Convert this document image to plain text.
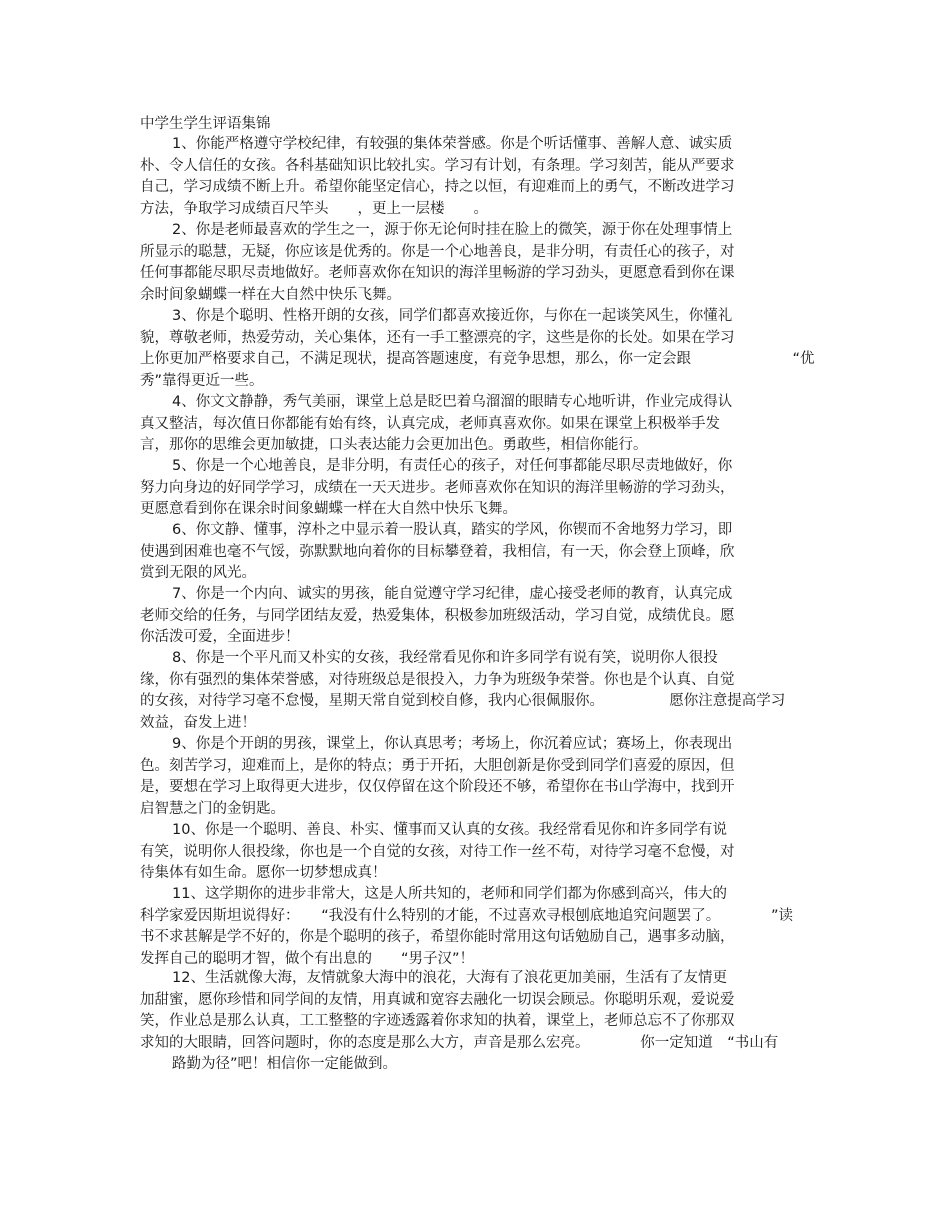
中学生学生评语集锦
1、你能严格遵守学校纪律，有较强的集体荣誉感。你是个听话懂事、善解人意、诚实质
朴、令人信任的女孩。各科基础知识比较扎实。学习有计划，有条理。学习刻苦，能从严要求
自己，学习成绩不断上升。希望你能坚定信心，持之以恒，有迎难而上的勇气，不断改进学习
方法，争取学习成绩百尺竿头　　，更上一层楼　　。
2、你是老师最喜欢的学生之一，源于你无论何时挂在脸上的微笑，源于你在处理事情上
所显示的聪慧，无疑，你应该是优秀的。你是一个心地善良，是非分明，有责任心的孩子，对
任何事都能尽职尽责地做好。老师喜欢你在知识的海洋里畅游的学习劲头，更愿意看到你在课
余时间象蝴蝶一样在大自然中快乐飞舞。
3、你是个聪明、性格开朗的女孩，同学们都喜欢接近你，与你在一起谈笑风生，你懂礼
貌，尊敬老师，热爱劳动，关心集体，还有一手工整漂亮的字，这些是你的长处。如果在学习
上你更加严格要求自己，不满足现状，提高答题速度，有竞争思想，那么，你一定会跟　　　　　　　“优
秀”靠得更近一些。
4、你文文静静，秀气美丽，课堂上总是眨巴着乌溜溜的眼睛专心地听讲，作业完成得认
真又整洁，每次值日你都能有始有终，认真完成，老师真喜欢你。如果在课堂上积极举手发
言，那你的思维会更加敏捷，口头表达能力会更加出色。勇敢些，相信你能行。
5、你是一个心地善良，是非分明，有责任心的孩子，对任何事都能尽职尽责地做好，你
努力向身边的好同学学习，成绩在一天天进步。老师喜欢你在知识的海洋里畅游的学习劲头，
更愿意看到你在课余时间象蝴蝶一样在大自然中快乐飞舞。
6、你文静、懂事，淳朴之中显示着一股认真，踏实的学风，你锲而不舍地努力学习，即
使遇到困难也毫不气馁，弥默默地向着你的目标攀登着，我相信，有一天，你会登上顶峰，欣
赏到无限的风光。
7、你是一个内向、诚实的男孩，能自觉遵守学习纪律，虚心接受老师的教育，认真完成
老师交给的任务，与同学团结友爱，热爱集体，积极参加班级活动，学习自觉，成绩优良。愿
你活泼可爱，全面进步！
8、你是一个平凡而又朴实的女孩，我经常看见你和许多同学有说有笑，说明你人很投
缘，你有强烈的集体荣誉感，对待班级总是很投入，力争为班级争荣誉。你也是个认真、自觉
的女孩，对待学习毫不怠慢，星期天常自觉到校自修，我内心很佩服你。　　　　　愿你注意提高学习
效益，奋发上进！
9、你是个开朗的男孩，课堂上，你认真思考；考场上，你沉着应试；赛场上，你表现出
色。刻苦学习，迎难而上，是你的特点；勇于开拓，大胆创新是你受到同学们喜爱的原因，但
是，要想在学习上取得更大进步，仅仅停留在这个阶段还不够，希望你在书山学海中，找到开
启智慧之门的金钥匙。
10、你是一个聪明、善良、朴实、懂事而又认真的女孩。我经常看见你和许多同学有说
有笑，说明你人很投缘，你也是一个自觉的女孩，对待工作一丝不苟，对待学习毫不怠慢，对
待集体有如生命。愿你一切梦想成真！
11、这学期你的进步非常大，这是人所共知的，老师和同学们都为你感到高兴，伟大的
科学家爱因斯坦说得好：　　“我没有什么特别的才能，不过喜欢寻根刨底地追究问题罢了。　　　　”读
书不求甚解是学不好的，你是个聪明的孩子，希望你能时常用这句话勉励自己，遇事多动脑，
发挥自己的聪明才智，做个有出息的　　“男子汉”！
12、生活就像大海，友情就象大海中的浪花，大海有了浪花更加美丽，生活有了友情更
加甜蜜，愿你珍惜和同学间的友情，用真诚和宽容去融化一切误会顾忌。你聪明乐观，爱说爱
笑，作业总是那么认真，工工整整的字迹透露着你求知的执着，课堂上，老师总忘不了你那双
求知的大眼睛，回答问题时，你的态度是那么大方，声音是那么宏亮。　　　　你一定知道　“书山有
路勤为径”吧！相信你一定能做到。
